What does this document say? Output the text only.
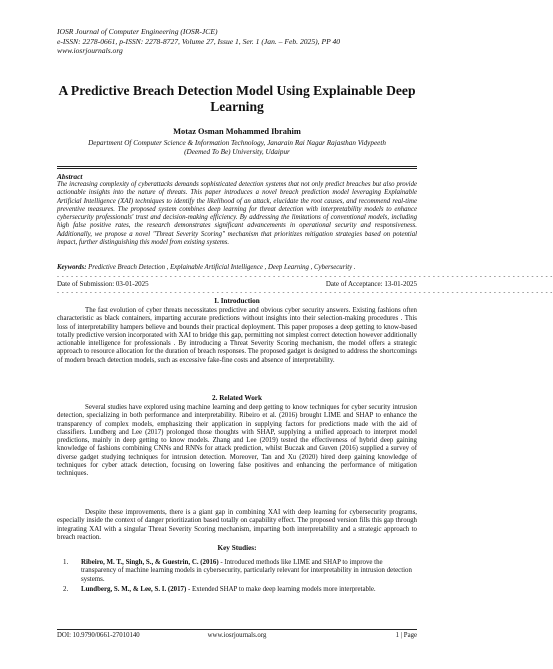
IOSR Journal of Computer Engineering (IOSR-JCE)
e-ISSN: 2278-0661, p-ISSN: 2278-8727, Volume 27, Issue 1, Ser. 1 (Jan. – Feb. 2025), PP 40
www.iosrjournals.org
A Predictive Breach Detection Model Using Explainable Deep Learning
Motaz Osman Mohammed Ibrahim
Department Of Computer Science & Information Technology, Janarain Rai Nagar Rajasthan Vidypeeth
(Deemed To Be) University, Udaipur
Abstract
The increasing complexity of cyberattacks demands sophisticated detection systems that not only predict breaches but also provide actionable insights into the nature of threats. This paper introduces a novel breach prediction model leveraging Explainable Artificial Intelligence (XAI) techniques to identify the likelihood of an attack, elucidate the root causes, and recommend real-time preventive measures. The proposed system combines deep learning for threat detection with interpretability models to enhance cybersecurity professionals' trust and decision-making efficiency. By addressing the limitations of conventional models, including high false positive rates, the research demonstrates significant advancements in operational security and responsiveness. Additionally, we propose a novel "Threat Severity Scoring" mechanism that prioritizes mitigation strategies based on potential impact, further distinguishing this model from existing systems.
Keywords: Predictive Breach Detection , Explainable Artificial Intelligence , Deep Learning , Cybersecurity .
- - - - - - - - - - - - - - - - - - - - - - - - - - - - - - - - - - - - - - - - - - - - - - - - - - - - - - - - - - - - - - - - - - - - - - - - - - - - - - - - - - - - - - - - - - - - - - - - - - - - - - - - - -
Date of Submission: 03-01-2025	Date of Acceptance: 13-01-2025
- - - - - - - - - - - - - - - - - - - - - - - - - - - - - - - - - - - - - - - - - - - - - - - - - - - - - - - - - - - - - - - - - - - - - - - - - - - - - - - - - - - - - - - - - - - - - - - - - - - - - - - - - -
I. Introduction
The fast evolution of cyber threats necessitates predictive and obvious cyber security answers. Existing fashions often characteristic as black containers, imparting accurate predictions without insights into their selection-making procedures . This loss of interpretability hampers believe and bounds their practical deployment. This paper proposes a deep getting to know-based totally predictive version incorporated with XAI to bridge this gap, permitting not simplest correct detection however additionally actionable intelligence for professionals . By introducing a Threat Severity Scoring mechanism, the model offers a strategic approach to resource allocation for the duration of breach responses. The proposed gadget is designed to address the shortcomings of modern breach detection models, such as excessive fake-fine costs and absence of interpretability.
2. Related Work
Several studies have explored using machine learning and deep getting to know techniques for cyber security intrusion detection, specializing in both performance and interpretability. Ribeiro et al. (2016) brought LIME and SHAP to enhance the transparency of complex models, emphasizing their application in supplying factors for predictions made with the aid of classifiers. Lundberg and Lee (2017) prolonged those thoughts with SHAP, supplying a unified approach to interpret model predictions, mainly in deep getting to know models. Zhang and Lee (2019) tested the effectiveness of hybrid deep gaining knowledge of fashions combining CNNs and RNNs for attack prediction, whilst Buczak and Guven (2016) supplied a survey of diverse gadget studying techniques for intrusion detection. Moreover, Tan and Xu (2020) hired deep gaining knowledge of techniques for cyber attack detection, focusing on lowering false positives and enhancing the performance of mitigation techniques.
Despite these improvements, there is a giant gap in combining XAI with deep learning for cybersecurity programs, especially inside the context of danger prioritization based totally on capability effect. The proposed version fills this gap through integrating XAI with a singular Threat Severity Scoring mechanism, imparting both interpretability and a strategic approach to breach reaction.
Key Studies:
1. Ribeiro, M. T., Singh, S., & Guestrin, C. (2016) - Introduced methods like LIME and SHAP to improve the transparency of machine learning models in cybersecurity, particularly relevant for interpretability in intrusion detection systems.
2. Lundberg, S. M., & Lee, S. I. (2017) - Extended SHAP to make deep learning models more interpretable.
DOI: 10.9790/0661-27010140	www.iosrjournals.org	1 | Page
